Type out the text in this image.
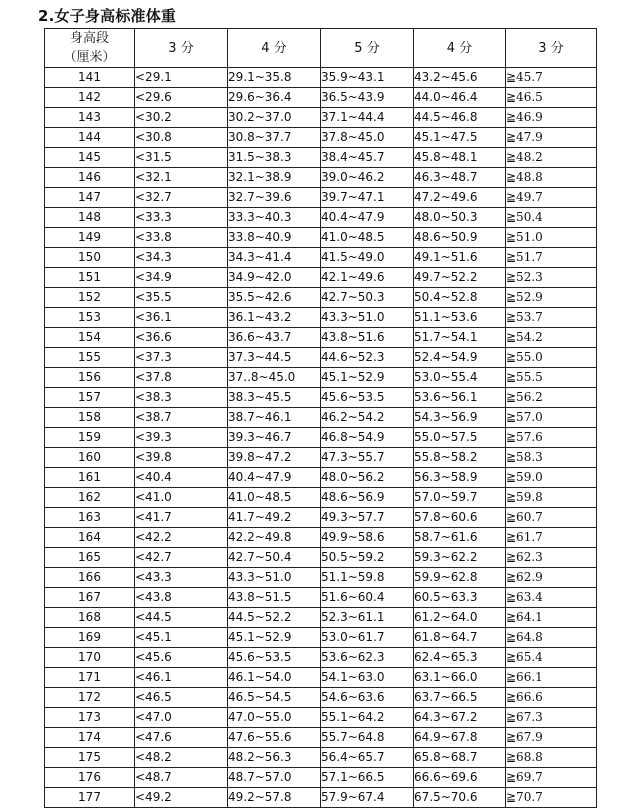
2.女子身高标准体重
身高段
（厘米）	3 分	4 分	5 分	4 分	3 分
141	<29.1	29.1~35.8	35.9~43.1	43.2~45.6	≧45.7
142	<29.6	29.6~36.4	36.5~43.9	44.0~46.4	≧46.5
143	<30.2	30.2~37.0	37.1~44.4	44.5~46.8	≧46.9
144	<30.8	30.8~37.7	37.8~45.0	45.1~47.5	≧47.9
145	<31.5	31.5~38.3	38.4~45.7	45.8~48.1	≧48.2
146	<32.1	32.1~38.9	39.0~46.2	46.3~48.7	≧48.8
147	<32.7	32.7~39.6	39.7~47.1	47.2~49.6	≧49.7
148	<33.3	33.3~40.3	40.4~47.9	48.0~50.3	≧50.4
149	<33.8	33.8~40.9	41.0~48.5	48.6~50.9	≧51.0
150	<34.3	34.3~41.4	41.5~49.0	49.1~51.6	≧51.7
151	<34.9	34.9~42.0	42.1~49.6	49.7~52.2	≧52.3
152	<35.5	35.5~42.6	42.7~50.3	50.4~52.8	≧52.9
153	<36.1	36.1~43.2	43.3~51.0	51.1~53.6	≧53.7
154	<36.6	36.6~43.7	43.8~51.6	51.7~54.1	≧54.2
155	<37.3	37.3~44.5	44.6~52.3	52.4~54.9	≧55.0
156	<37.8	37..8~45.0	45.1~52.9	53.0~55.4	≧55.5
157	<38.3	38.3~45.5	45.6~53.5	53.6~56.1	≧56.2
158	<38.7	38.7~46.1	46.2~54.2	54.3~56.9	≧57.0
159	<39.3	39.3~46.7	46.8~54.9	55.0~57.5	≧57.6
160	<39.8	39.8~47.2	47.3~55.7	55.8~58.2	≧58.3
161	<40.4	40.4~47.9	48.0~56.2	56.3~58.9	≧59.0
162	<41.0	41.0~48.5	48.6~56.9	57.0~59.7	≧59.8
163	<41.7	41.7~49.2	49.3~57.7	57.8~60.6	≧60.7
164	<42.2	42.2~49.8	49.9~58.6	58.7~61.6	≧61.7
165	<42.7	42.7~50.4	50.5~59.2	59.3~62.2	≧62.3
166	<43.3	43.3~51.0	51.1~59.8	59.9~62.8	≧62.9
167	<43.8	43.8~51.5	51.6~60.4	60.5~63.3	≧63.4
168	<44.5	44.5~52.2	52.3~61.1	61.2~64.0	≧64.1
169	<45.1	45.1~52.9	53.0~61.7	61.8~64.7	≧64.8
170	<45.6	45.6~53.5	53.6~62.3	62.4~65.3	≧65.4
171	<46.1	46.1~54.0	54.1~63.0	63.1~66.0	≧66.1
172	<46.5	46.5~54.5	54.6~63.6	63.7~66.5	≧66.6
173	<47.0	47.0~55.0	55.1~64.2	64.3~67.2	≧67.3
174	<47.6	47.6~55.6	55.7~64.8	64.9~67.8	≧67.9
175	<48.2	48.2~56.3	56.4~65.7	65.8~68.7	≧68.8
176	<48.7	48.7~57.0	57.1~66.5	66.6~69.6	≧69.7
177	<49.2	49.2~57.8	57.9~67.4	67.5~70.6	≧70.7
